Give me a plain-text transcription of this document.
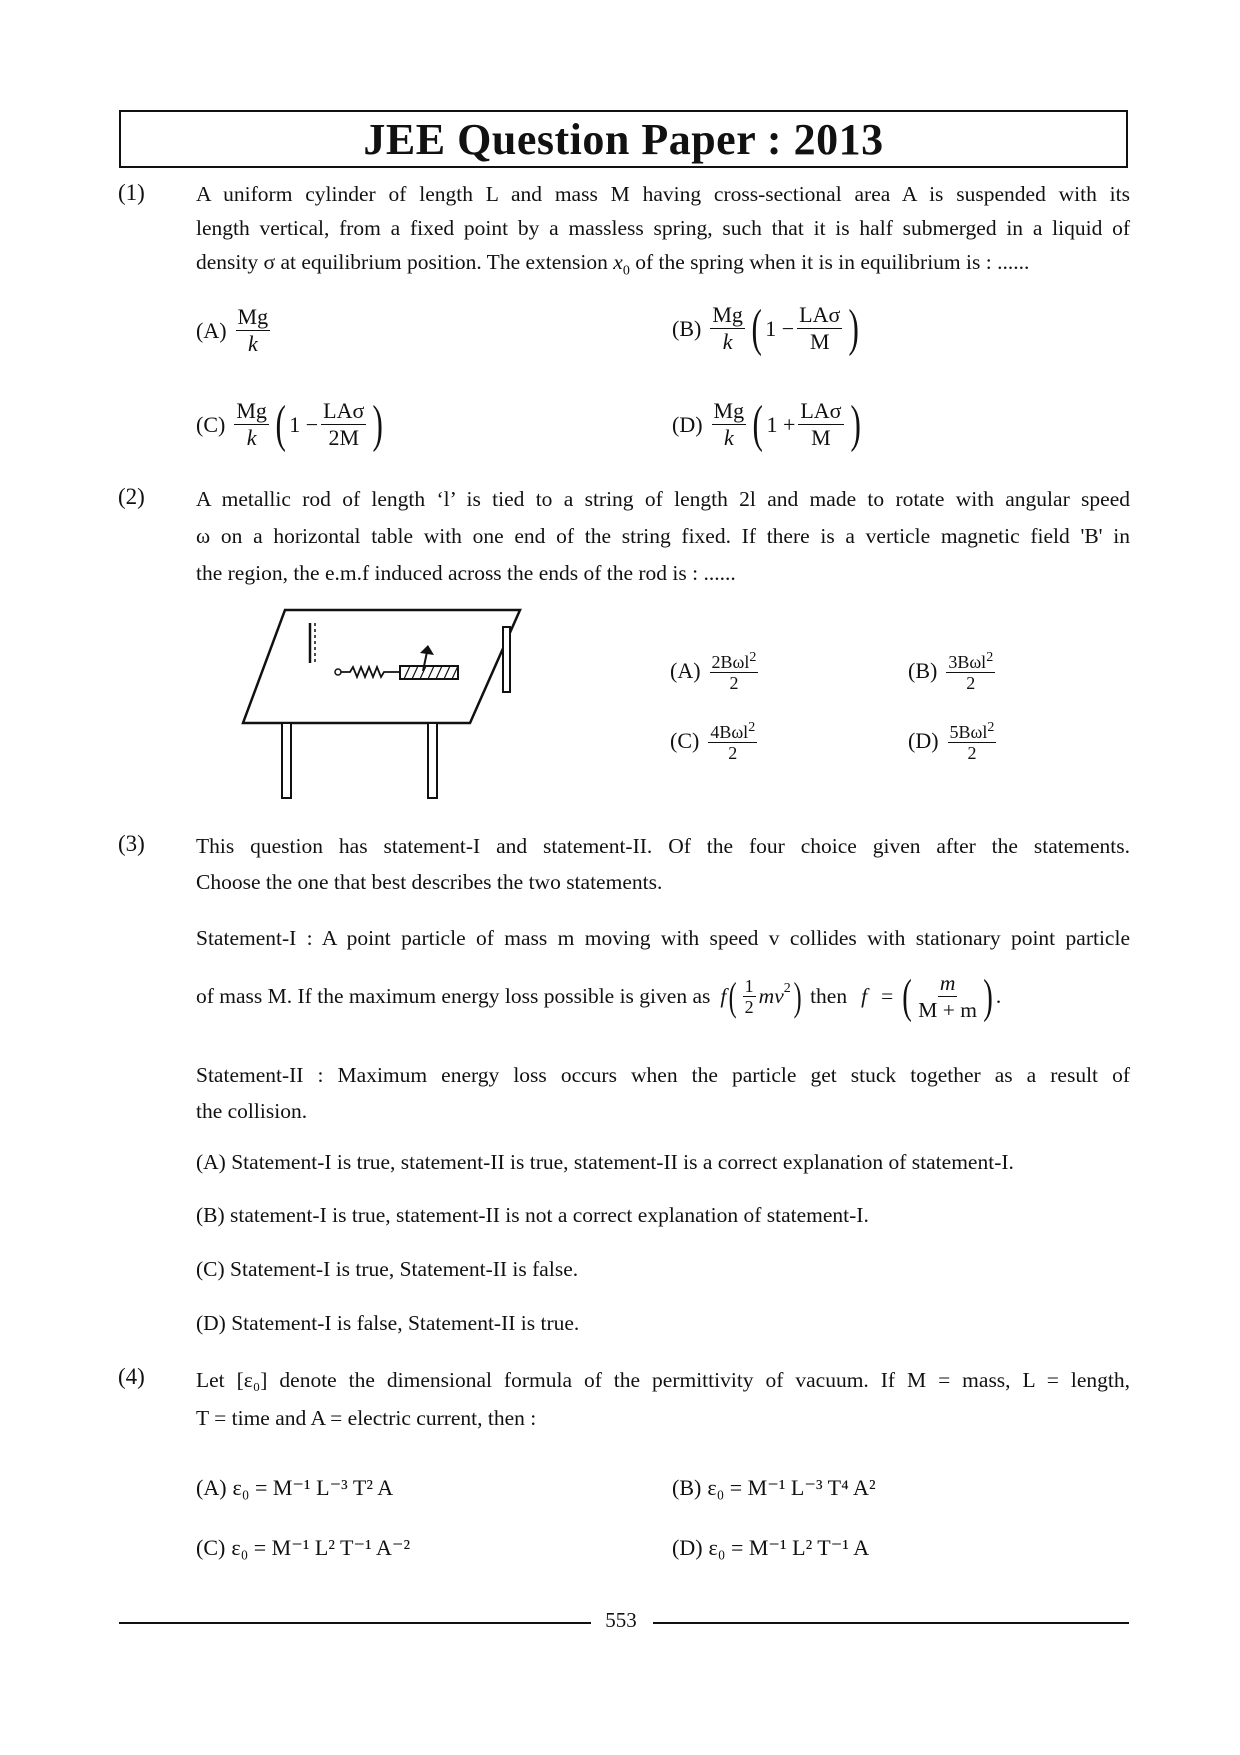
JEE Question Paper : 2013
(1) A uniform cylinder of length L and mass M having cross-sectional area A is suspended with its
length vertical, from a fixed point by a massless spring, such that it is half submerged in a liquid of
density σ at equilibrium position. The extension $x_0$ of the spring when it is in equilibrium is : ......
$(A) \frac{Mg}{k}$	$(B) \frac{Mg}{k}$ ( $1 - \frac{\text{LAσ}}{M}$ )
$(C) \frac{Mg}{k}$ ( $1 - \frac{\text{LAσ}}{2M}$ )	$(D) \frac{Mg}{k}$ ( $1 + \frac{\text{LAσ}}{M}$ )
(2) A metallic rod of length ‘l’ is tied to a string of length 2l and made to rotate with angular speed
ω on a horizontal table with one end of the string fixed. If there is a verticle magnetic field 'B' in
the region, the e.m.f induced across the ends of the rod is : ......
$(A) \frac{2B\omega l^2}{2}$	$(B) \frac{3B\omega l^2}{2}$
$(C) \frac{4B\omega l^2}{2}$	$(D) \frac{5B\omega l^2}{2}$
(3) This question has statement-I and statement-II. Of the four choice given after the statements.
Choose the one that best describes the two statements.
Statement-I : A point particle of mass m moving with speed v collides with stationary point particle
of mass M. If the maximum energy loss possible is given as f ( $\frac{1}{2} mv^2$ ) then f = ( $\frac{m}{M + m}$ ) .
Statement-II : Maximum energy loss occurs when the particle get stuck together as a result of
the collision.
(A) Statement-I is true, statement-II is true, statement-II is a correct explanation of statement-I.
(B) statement-I is true, statement-II is not a correct explanation of statement-I.
(C) Statement-I is true, Statement-II is false.
(D) Statement-I is false, Statement-II is true.
(4) Let [ε₀] denote the dimensional formula of the permittivity of vacuum. If M = mass, L = length,
T = time and A = electric current, then :
(A) ε₀ = M⁻¹ L⁻³ T² A	(B) ε₀ = M⁻¹ L⁻³ T⁴ A²
(C) ε₀ = M⁻¹ L² T⁻¹ A⁻²	(D) ε₀ = M⁻¹ L² T⁻¹ A
553
